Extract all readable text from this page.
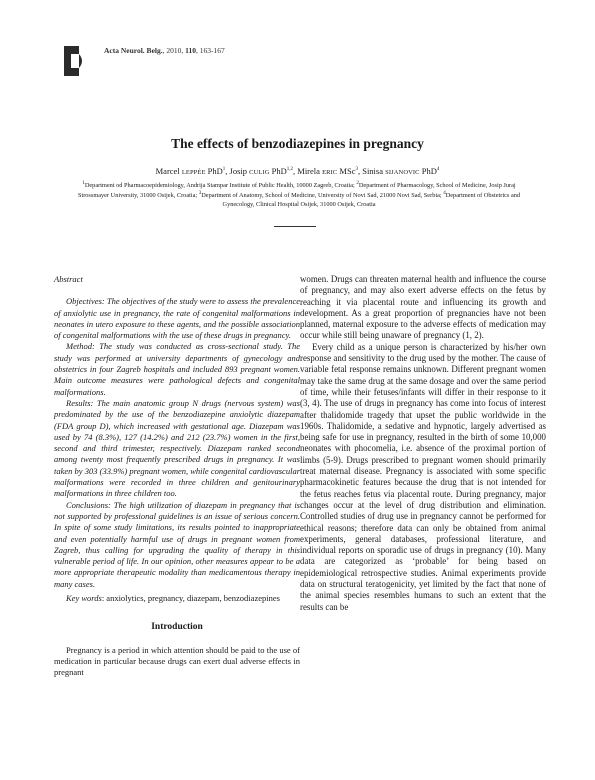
Acta Neurol. Belg., 2010, 110, 163-167
The effects of benzodiazepines in pregnancy
Marcel LEPPÉE PhD$^1$, Josip CULIG PhD$^{1,2}$, Mirela ERIC MSc$^3$, Sinisa SIJANOVIC PhD$^4$
$^1$Department od Pharmacoepidemiology, Andrija Stampar Institute of Public Health, 10000 Zagreb, Croatia; $^2$Department of Pharmacology, School of Medicine, Josip Juraj Strossmayer University, 31000 Osijek, Croatia; $^3$Department of Anatomy, School of Medicine, University of Novi Sad, 21000 Novi Sad, Serbia; $^4$Department of Obstetrics and Gynecology, Clinical Hospital Osijek, 31000 Osijek, Croatia

Abstract

Objectives: The objectives of the study were to assess the prevalence of anxiolytic use in pregnancy, the rate of congenital malformations in neonates in utero exposure to these agents, and the possible association of congenital malformations with the use of these drugs in pregnancy.

Method: The study was conducted as cross-sectional study. The study was performed at university departments of gynecology and obstetrics in four Zagreb hospitals and included 893 pregnant women. Main outcome measures were pathological defects and congenital malformations.

Results: The main anatomic group N drugs (nervous system) was predominated by the use of the benzodiazepine anxiolytic diazepam (FDA group D), which increased with gestational age. Diazepam was used by 74 (8.3%), 127 (14.2%) and 212 (23.7%) women in the first, second and third trimester, respectively. Diazepam ranked second among twenty most frequently prescribed drugs in pregnancy. It was taken by 303 (33.9%) pregnant women, while congenital cardiovascular malformations were recorded in three children and genitourinary malformations in three children too.

Conclusions: The high utilization of diazepam in pregnancy that is not supported by professional guidelines is an issue of serious concern. In spite of some study limitations, its results pointed to inappropriate and even potentially harmful use of drugs in pregnant women from Zagreb, thus calling for upgrading the quality of therapy in this vulnerable period of life. In our opinion, other measures appear to be a more appropriate therapeutic modality than medicamentous therapy in many cases.

Key words: anxiolytics, pregnancy, diazepam, benzodiazepines

Introduction

Pregnancy is a period in which attention should be paid to the use of medication in particular because drugs can exert dual adverse effects in pregnant

women. Drugs can threaten maternal health and influence the course of pregnancy, and may also exert adverse effects on the fetus by reaching it via placental route and influencing its growth and development. As a great proportion of pregnancies have not been planned, maternal exposure to the adverse effects of medication may occur while still being unaware of pregnancy (1, 2).

Every child as a unique person is characterized by his/her own response and sensitivity to the drug used by the mother. The cause of variable fetal response remains unknown. Different pregnant women may take the same drug at the same dosage and over the same period of time, while their fetuses/infants will differ in their response to it (3, 4). The use of drugs in pregnancy has come into focus of interest after thalidomide tragedy that upset the public worldwide in the 1960s. Thalidomide, a sedative and hypnotic, largely advertised as being safe for use in pregnancy, resulted in the birth of some 10,000 neonates with phocomelia, i.e. absence of the proximal portion of limbs (5-9). Drugs prescribed to pregnant women should primarily treat maternal disease. Pregnancy is associated with some specific pharmacokinetic features because the drug that is not intended for the fetus reaches fetus via placental route. During pregnancy, major changes occur at the level of drug distribution and elimination. Controlled studies of drug use in pregnancy cannot be performed for ethical reasons; therefore data can only be obtained from animal experiments, general databases, professional literature, and individual reports on sporadic use of drugs in pregnancy (10). Many data are categorized as ‘probable’ for being based on epidemiological retrospective studies. Animal experiments provide data on structural teratogenicity, yet limited by the fact that none of the animal species resembles humans to such an extent that the results can be
